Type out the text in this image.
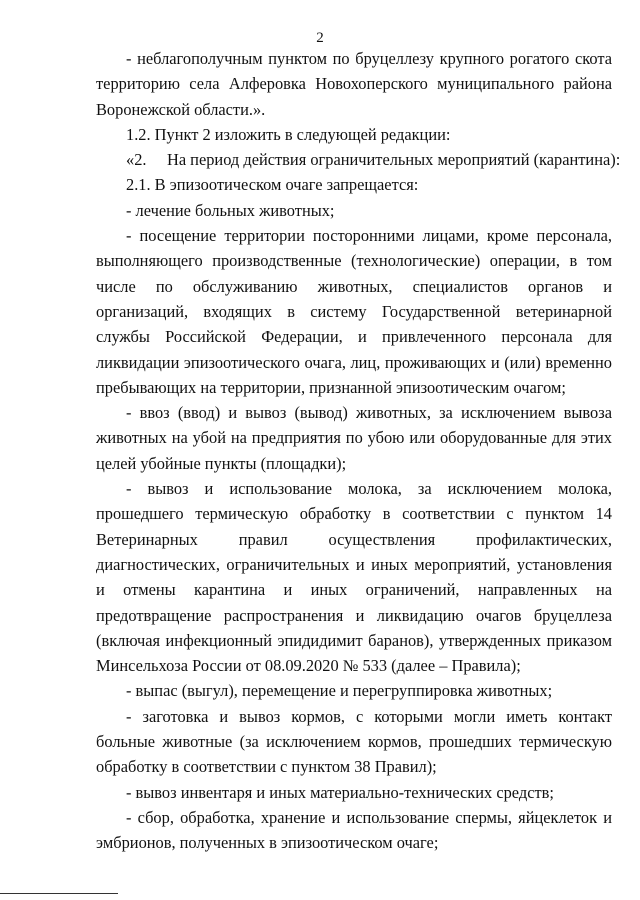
2

- неблагополучным пунктом по бруцеллезу крупного рогатого скота территорию села Алферовка Новохоперского муниципального района Воронежской области.».

1.2. Пункт 2 изложить в следующей редакции:

«2.     На период действия ограничительных мероприятий (карантина):

2.1. В эпизоотическом очаге запрещается:

- лечение больных животных;

- посещение территории посторонними лицами, кроме персонала, выполняющего производственные (технологические) операции, в том числе по обслуживанию животных, специалистов органов и организаций, входящих в систему Государственной ветеринарной службы Российской Федерации, и привлеченного персонала для ликвидации эпизоотического очага, лиц, проживающих и (или) временно пребывающих на территории, признанной эпизоотическим очагом;

- ввоз (ввод) и вывоз (вывод) животных, за исключением вывоза животных на убой на предприятия по убою или оборудованные для этих целей убойные пункты (площадки);

- вывоз и использование молока, за исключением молока, прошедшего термическую обработку в соответствии с пунктом 14 Ветеринарных правил осуществления профилактических, диагностических, ограничительных и иных мероприятий, установления и отмены карантина и иных ограничений, направленных на предотвращение распространения и ликвидацию очагов бруцеллеза (включая инфекционный эпидидимит баранов), утвержденных приказом Минсельхоза России от 08.09.2020 № 533 (далее – Правила);

- выпас (выгул), перемещение и перегруппировка животных;

- заготовка и вывоз кормов, с которыми могли иметь контакт больные животные (за исключением кормов, прошедших термическую обработку в соответствии с пунктом 38 Правил);

- вывоз инвентаря и иных материально-технических средств;

- сбор, обработка, хранение и использование спермы, яйцеклеток и эмбрионов, полученных в эпизоотическом очаге;
